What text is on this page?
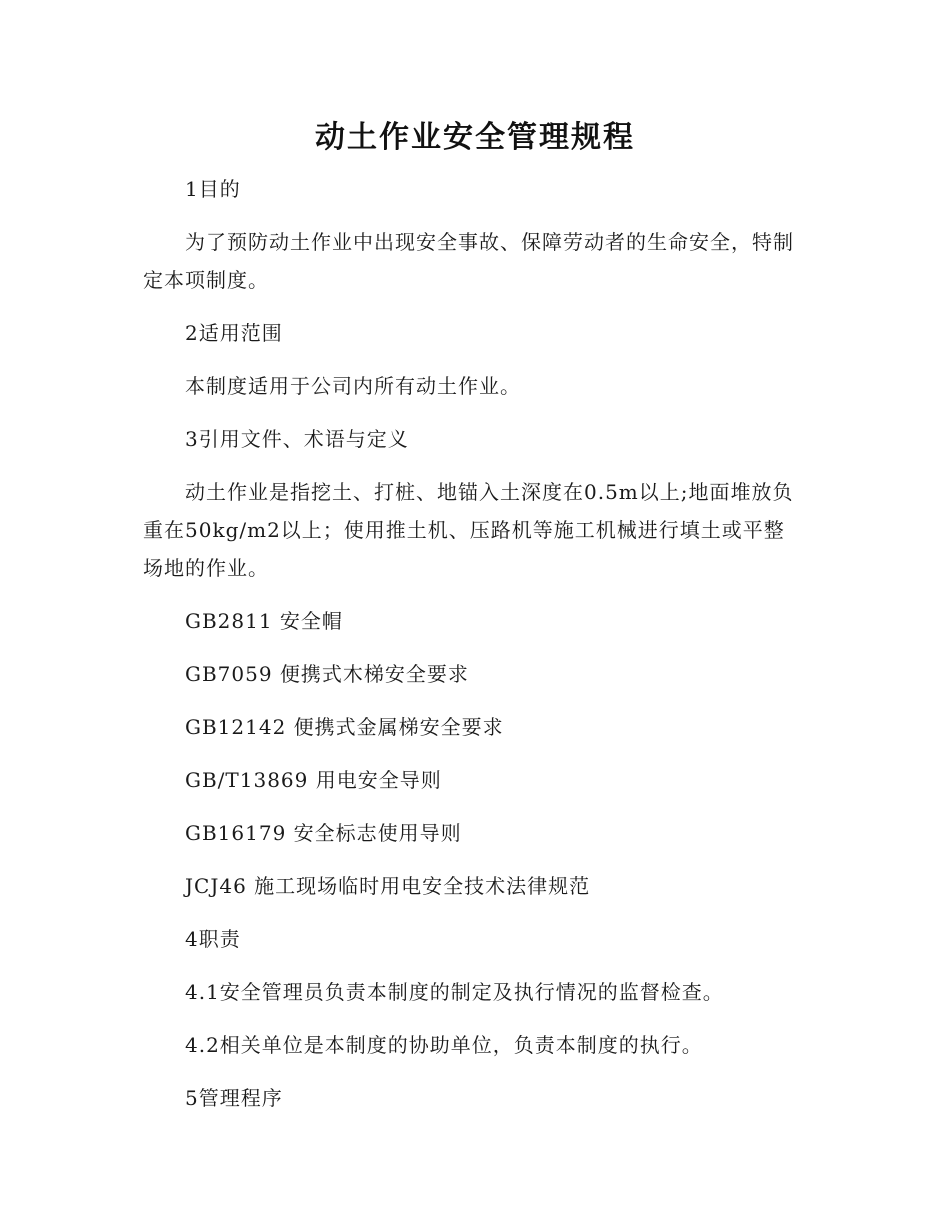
动土作业安全管理规程

1目的

为了预防动土作业中出现安全事故、保障劳动者的生命安全，特制定本项制度。

2适用范围

本制度适用于公司内所有动土作业。

3引用文件、术语与定义

动土作业是指挖土、打桩、地锚入土深度在0.5m以上;地面堆放负重在50kg/m2以上；使用推土机、压路机等施工机械进行填土或平整场地的作业。

GB2811 安全帽

GB7059 便携式木梯安全要求

GB12142 便携式金属梯安全要求

GB/T13869 用电安全导则

GB16179 安全标志使用导则

JCJ46 施工现场临时用电安全技术法律规范

4职责

4.1安全管理员负责本制度的制定及执行情况的监督检查。

4.2相关单位是本制度的协助单位，负责本制度的执行。

5管理程序
